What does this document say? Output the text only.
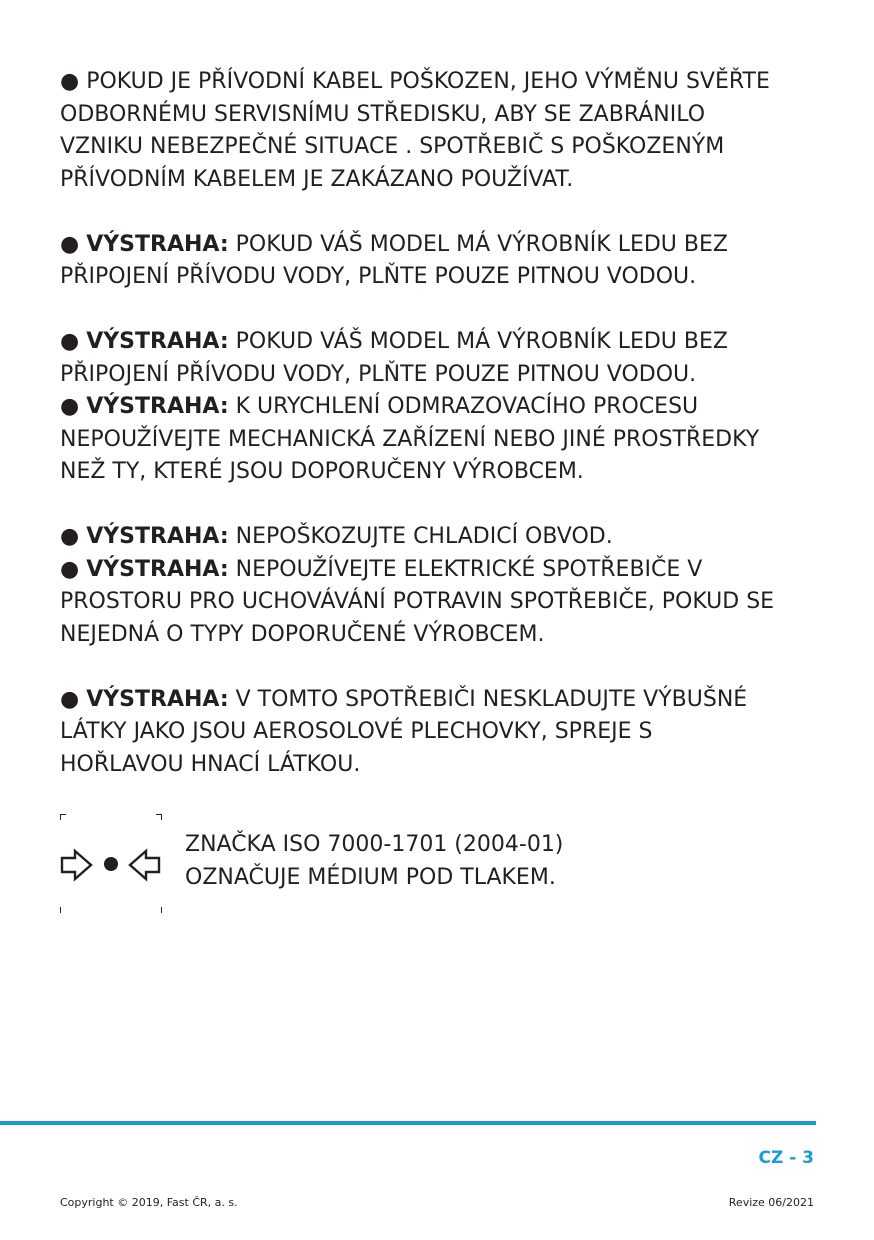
● POKUD JE PŘÍVODNÍ KABEL POŠKOZEN, JEHO VÝMĚNU SVĚŘTE
ODBORNÉMU SERVISNÍMU STŘEDISKU, ABY SE ZABRÁNILO
VZNIKU NEBEZPEČNÉ SITUACE . SPOTŘEBIČ S POŠKOZENÝM
PŘÍVODNÍM KABELEM JE ZAKÁZANO POUŽÍVAT.

● VÝSTRAHA: POKUD VÁŠ MODEL MÁ VÝROBNÍK LEDU BEZ
PŘIPOJENÍ PŘÍVODU VODY, PLŇTE POUZE PITNOU VODOU.

● VÝSTRAHA: POKUD VÁŠ MODEL MÁ VÝROBNÍK LEDU BEZ
PŘIPOJENÍ PŘÍVODU VODY, PLŇTE POUZE PITNOU VODOU.
● VÝSTRAHA: K URYCHLENÍ ODMRAZOVACÍHO PROCESU
NEPOUŽÍVEJTE MECHANICKÁ ZAŘÍZENÍ NEBO JINÉ PROSTŘEDKY
NEŽ TY, KTERÉ JSOU DOPORUČENY VÝROBCEM.

● VÝSTRAHA: NEPOŠKOZUJTE CHLADICÍ OBVOD.
● VÝSTRAHA: NEPOUŽÍVEJTE ELEKTRICKÉ SPOTŘEBIČE V
PROSTORU PRO UCHOVÁVÁNÍ POTRAVIN SPOTŘEBIČE, POKUD SE
NEJEDNÁ O TYPY DOPORUČENÉ VÝROBCEM.

● VÝSTRAHA: V TOMTO SPOTŘEBIČI NESKLADUJTE VÝBUŠNÉ
LÁTKY JAKO JSOU AEROSOLOVÉ PLECHOVKY, SPREJE S
HOŘLAVOU HNACÍ LÁTKOU.

ZNAČKA ISO 7000-1701 (2004-01)
OZNAČUJE MÉDIUM POD TLAKEM.
CZ - 3
Copyright © 2019, Fast ČR, a. s.	Revize 06/2021
